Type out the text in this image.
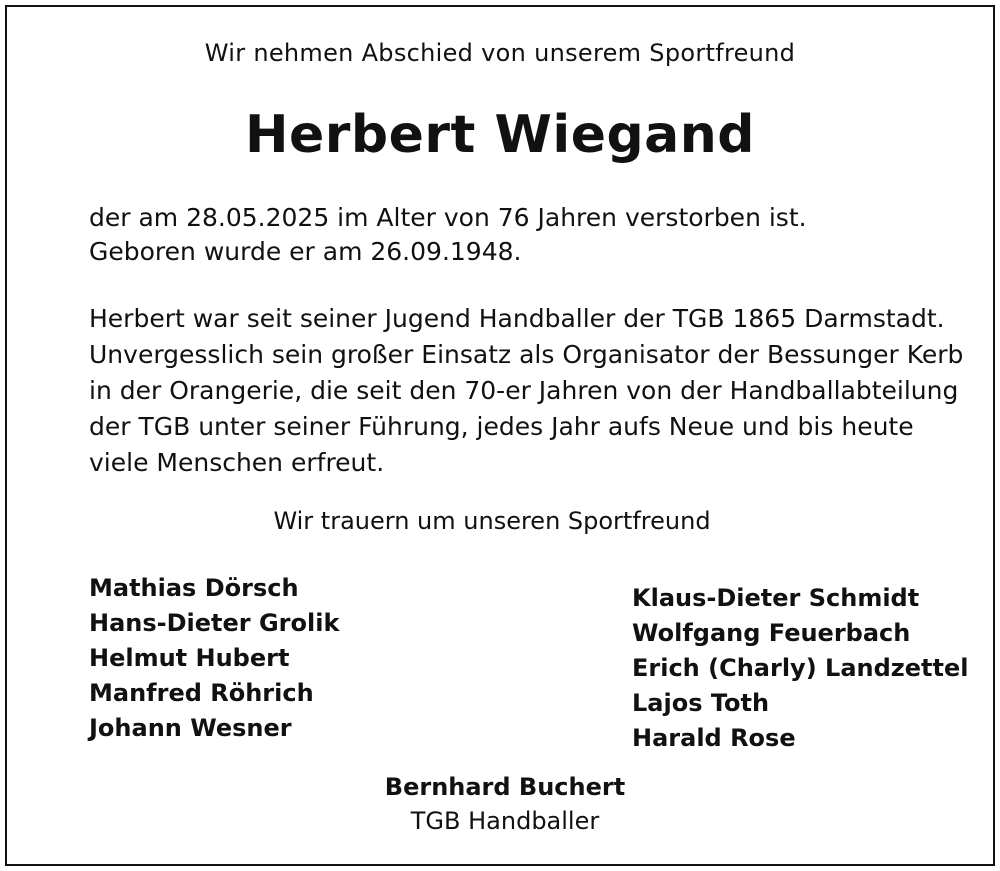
Wir nehmen Abschied von unserem Sportfreund
Herbert Wiegand
der am 28.05.2025 im Alter von 76 Jahren verstorben ist.
Geboren wurde er am 26.09.1948.
Herbert war seit seiner Jugend Handballer der TGB 1865 Darmstadt.
Unvergesslich sein großer Einsatz als Organisator der Bessunger Kerb
in der Orangerie, die seit den 70-er Jahren von der Handballabteilung
der TGB unter seiner Führung, jedes Jahr aufs Neue und bis heute
viele Menschen erfreut.
Wir trauern um unseren Sportfreund
Mathias Dörsch
Hans-Dieter Grolik
Helmut Hubert
Manfred Röhrich
Johann Wesner
Klaus-Dieter Schmidt
Wolfgang Feuerbach
Erich (Charly) Landzettel
Lajos Toth
Harald Rose
Bernhard Buchert
TGB Handballer
